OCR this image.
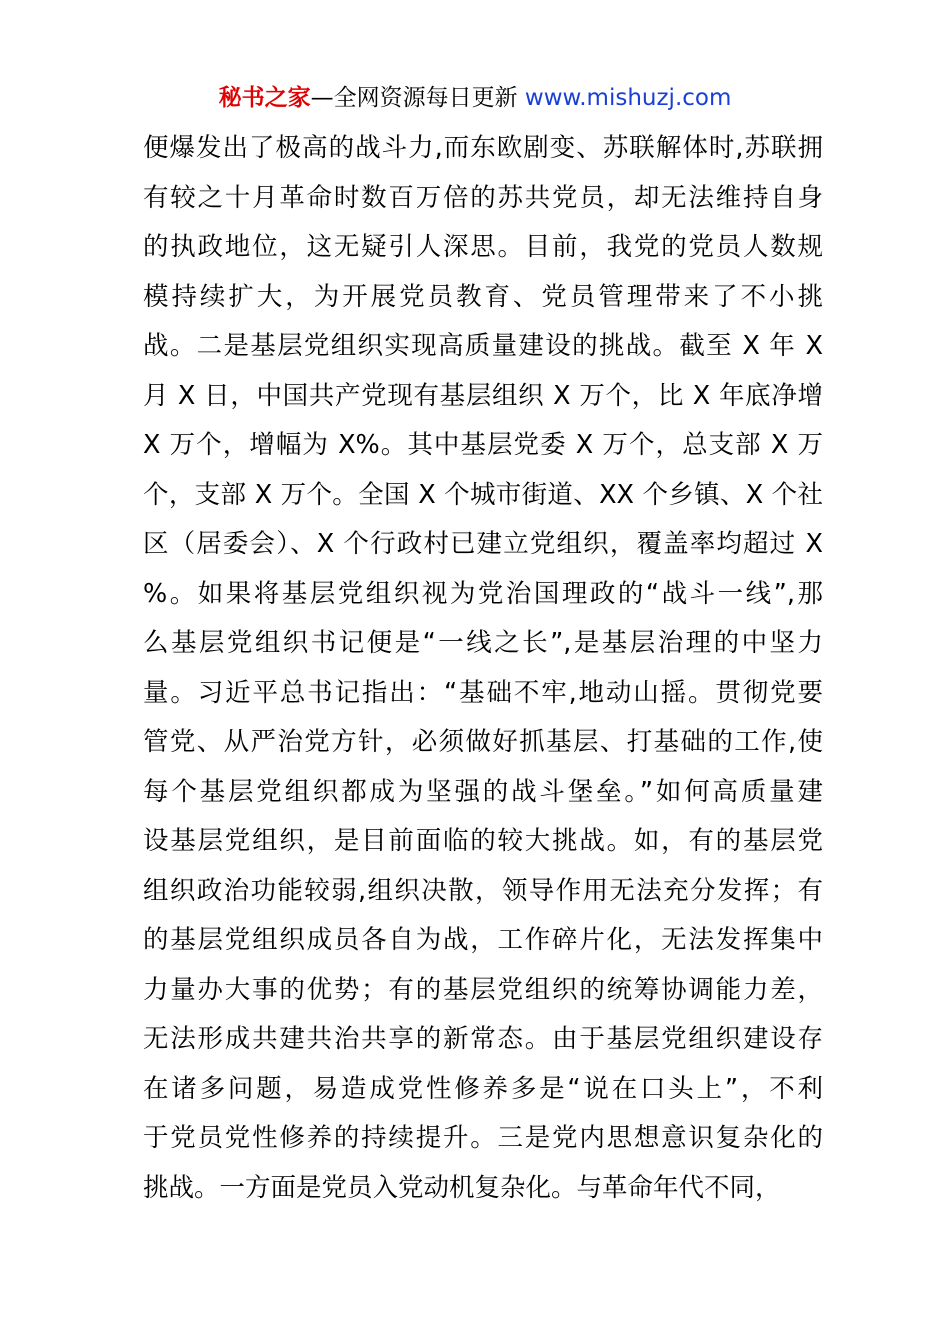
秘书之家—全网资源每日更新 www.mishuzj.com
便爆发出了极高的战斗力,而东欧剧变、苏联解体时,苏联拥
有较之十月革命时数百万倍的苏共党员，却无法维持自身
的执政地位，这无疑引人深思。目前，我党的党员人数规
模持续扩大，为开展党员教育、党员管理带来了不小挑
战。二是基层党组织实现高质量建设的挑战。截至 X 年 X
月 X 日，中国共产党现有基层组织 X 万个，比 X 年底净增
X 万个，增幅为 X%。其中基层党委 X 万个，总支部 X 万
个，支部 X 万个。全国 X 个城市街道、XX 个乡镇、X 个社
区（居委会）、X 个行政村已建立党组织，覆盖率均超过 X
%。如果将基层党组织视为党治国理政的“战斗一线”,那
么基层党组织书记便是“一线之长”,是基层治理的中坚力
量。习近平总书记指出：“基础不牢,地动山摇。贯彻党要
管党、从严治党方针，必须做好抓基层、打基础的工作,使
每个基层党组织都成为坚强的战斗堡垒。”如何高质量建
设基层党组织，是目前面临的较大挑战。如，有的基层党
组织政治功能较弱,组织决散，领导作用无法充分发挥；有
的基层党组织成员各自为战，工作碎片化，无法发挥集中
力量办大事的优势；有的基层党组织的统筹协调能力差，
无法形成共建共治共享的新常态。由于基层党组织建设存
在诸多问题，易造成党性修养多是“说在口头上”，不利
于党员党性修养的持续提升。三是党内思想意识复杂化的
挑战。一方面是党员入党动机复杂化。与革命年代不同，
